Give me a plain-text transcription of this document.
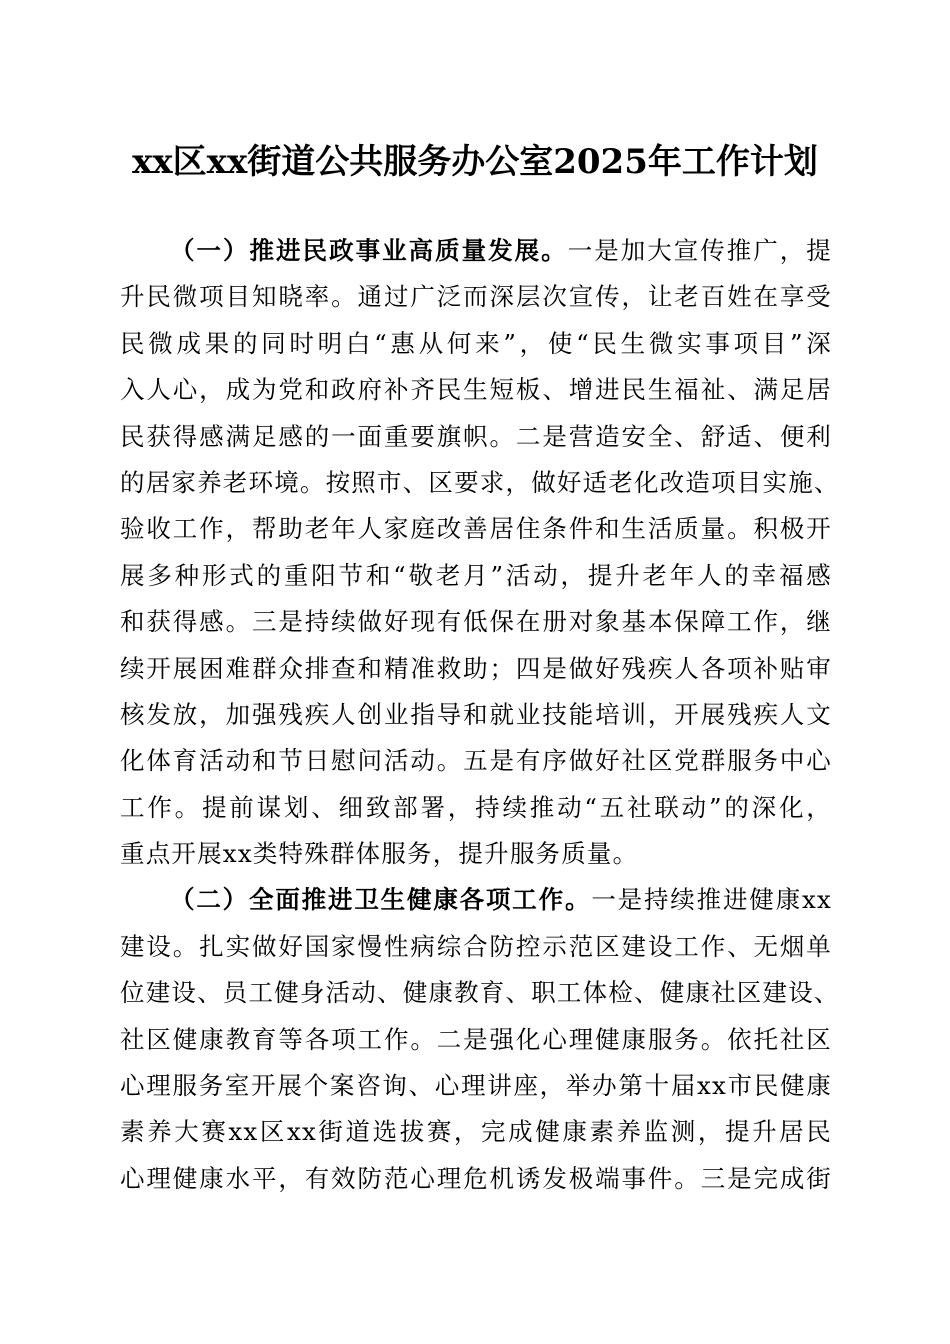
xx区xx街道公共服务办公室2025年工作计划
（一）推进民政事业高质量发展。一是加大宣传推广，提
升民微项目知晓率。通过广泛而深层次宣传，让老百姓在享受
民微成果的同时明白“惠从何来”，使“民生微实事项目”深
入人心，成为党和政府补齐民生短板、增进民生福祉、满足居
民获得感满足感的一面重要旗帜。二是营造安全、舒适、便利
的居家养老环境。按照市、区要求，做好适老化改造项目实施、
验收工作，帮助老年人家庭改善居住条件和生活质量。积极开
展多种形式的重阳节和“敬老月”活动，提升老年人的幸福感
和获得感。三是持续做好现有低保在册对象基本保障工作，继
续开展困难群众排查和精准救助；四是做好残疾人各项补贴审
核发放，加强残疾人创业指导和就业技能培训，开展残疾人文
化体育活动和节日慰问活动。五是有序做好社区党群服务中心
工作。提前谋划、细致部署，持续推动“五社联动”的深化，
重点开展xx类特殊群体服务，提升服务质量。
（二）全面推进卫生健康各项工作。一是持续推进健康xx
建设。扎实做好国家慢性病综合防控示范区建设工作、无烟单
位建设、员工健身活动、健康教育、职工体检、健康社区建设、
社区健康教育等各项工作。二是强化心理健康服务。依托社区
心理服务室开展个案咨询、心理讲座，举办第十届xx市民健康
素养大赛xx区xx街道选拔赛，完成健康素养监测，提升居民
心理健康水平，有效防范心理危机诱发极端事件。三是完成街
